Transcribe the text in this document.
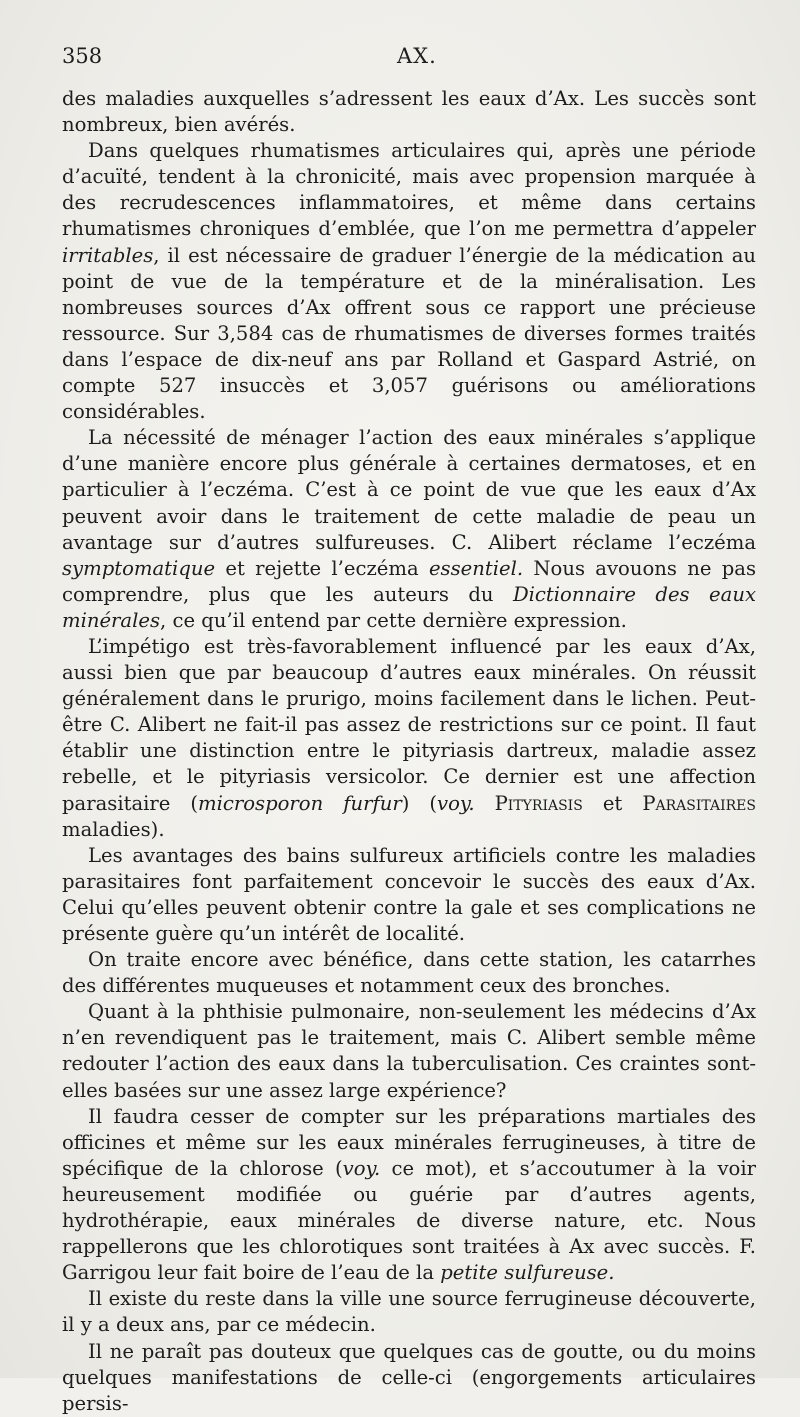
358	AX.

des maladies auxquelles s’adressent les eaux d’Ax. Les succès sont nombreux, bien avérés.

Dans quelques rhumatismes articulaires qui, après une période d’acuïté, tendent à la chronicité, mais avec propension marquée à des recrudescences inflammatoires, et même dans certains rhumatismes chroniques d’emblée, que l’on me permettra d’appeler irritables, il est nécessaire de graduer l’énergie de la médication au point de vue de la température et de la minéralisation. Les nombreuses sources d’Ax offrent sous ce rapport une précieuse ressource. Sur 3,584 cas de rhumatismes de diverses formes traités dans l’espace de dix-neuf ans par Rolland et Gaspard Astrié, on compte 527 insuccès et 3,057 guérisons ou améliorations considérables.

La nécessité de ménager l’action des eaux minérales s’applique d’une manière encore plus générale à certaines dermatoses, et en particulier à l’eczéma. C’est à ce point de vue que les eaux d’Ax peuvent avoir dans le traitement de cette maladie de peau un avantage sur d’autres sulfureuses. C. Alibert réclame l’eczéma symptomatique et rejette l’eczéma essentiel. Nous avouons ne pas comprendre, plus que les auteurs du Dictionnaire des eaux minérales, ce qu’il entend par cette dernière expression.

L’impétigo est très-favorablement influencé par les eaux d’Ax, aussi bien que par beaucoup d’autres eaux minérales. On réussit généralement dans le prurigo, moins facilement dans le lichen. Peut-être C. Alibert ne fait-il pas assez de restrictions sur ce point. Il faut établir une distinction entre le pityriasis dartreux, maladie assez rebelle, et le pityriasis versicolor. Ce dernier est une affection parasitaire (microsporon furfur) (voy. Pityriasis et Parasitaires maladies).

Les avantages des bains sulfureux artificiels contre les maladies parasitaires font parfaitement concevoir le succès des eaux d’Ax. Celui qu’elles peuvent obtenir contre la gale et ses complications ne présente guère qu’un intérêt de localité.

On traite encore avec bénéfice, dans cette station, les catarrhes des différentes muqueuses et notamment ceux des bronches.

Quant à la phthisie pulmonaire, non-seulement les médecins d’Ax n’en revendiquent pas le traitement, mais C. Alibert semble même redouter l’action des eaux dans la tuberculisation. Ces craintes sont-elles basées sur une assez large expérience?

Il faudra cesser de compter sur les préparations martiales des officines et même sur les eaux minérales ferrugineuses, à titre de spécifique de la chlorose (voy. ce mot), et s’accoutumer à la voir heureusement modifiée ou guérie par d’autres agents, hydrothérapie, eaux minérales de diverse nature, etc. Nous rappellerons que les chlorotiques sont traitées à Ax avec succès. F. Garrigou leur fait boire de l’eau de la petite sulfureuse.

Il existe du reste dans la ville une source ferrugineuse découverte, il y a deux ans, par ce médecin.

Il ne paraît pas douteux que quelques cas de goutte, ou du moins quelques manifestations de celle-ci (engorgements articulaires persis-
